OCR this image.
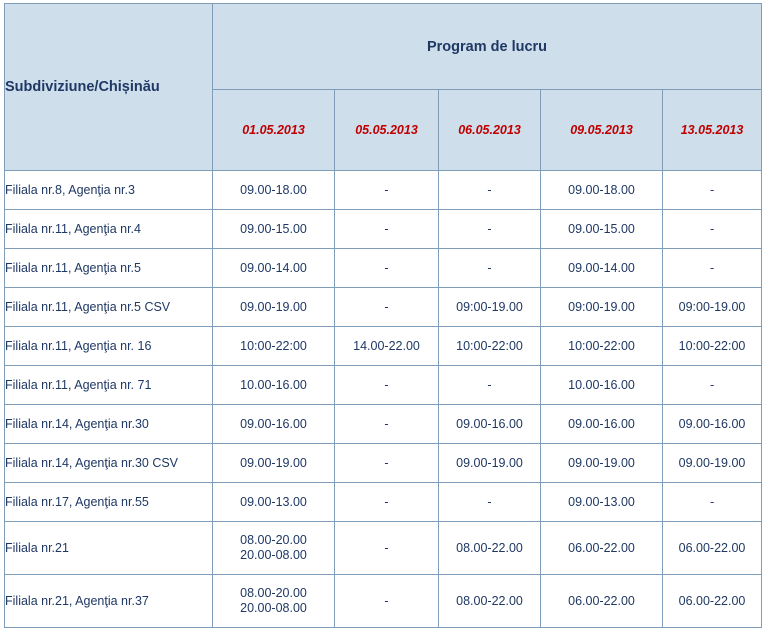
Subdiviziune/Chișinău	Program de lucru				
	01.05.2013	05.05.2013	06.05.2013	09.05.2013	13.05.2013
Filiala nr.8, Agenţia nr.3	09.00-18.00	-	-	09.00-18.00	-
Filiala nr.11, Agenţia nr.4	09.00-15.00	-	-	09.00-15.00	-
Filiala nr.11, Agenţia nr.5	09.00-14.00	-	-	09.00-14.00	-
Filiala nr.11, Agenţia nr.5 CSV	09.00-19.00	-	09:00-19.00	09:00-19.00	09:00-19.00
Filiala nr.11, Agenţia nr. 16	10:00-22:00	14.00-22.00	10:00-22:00	10:00-22:00	10:00-22:00
Filiala nr.11, Agenţia nr. 71	10.00-16.00	-	-	10.00-16.00	-
Filiala nr.14, Agenţia nr.30	09.00-16.00	-	09.00-16.00	09.00-16.00	09.00-16.00
Filiala nr.14, Agenţia nr.30 CSV	09.00-19.00	-	09.00-19.00	09.00-19.00	09.00-19.00
Filiala nr.17, Agenţia nr.55	09.00-13.00	-	-	09.00-13.00	-
Filiala nr.21	08.00-20.00
20.00-08.00	-	08.00-22.00	06.00-22.00	06.00-22.00
Filiala nr.21, Agenţia nr.37	08.00-20.00
20.00-08.00	-	08.00-22.00	06.00-22.00	06.00-22.00
